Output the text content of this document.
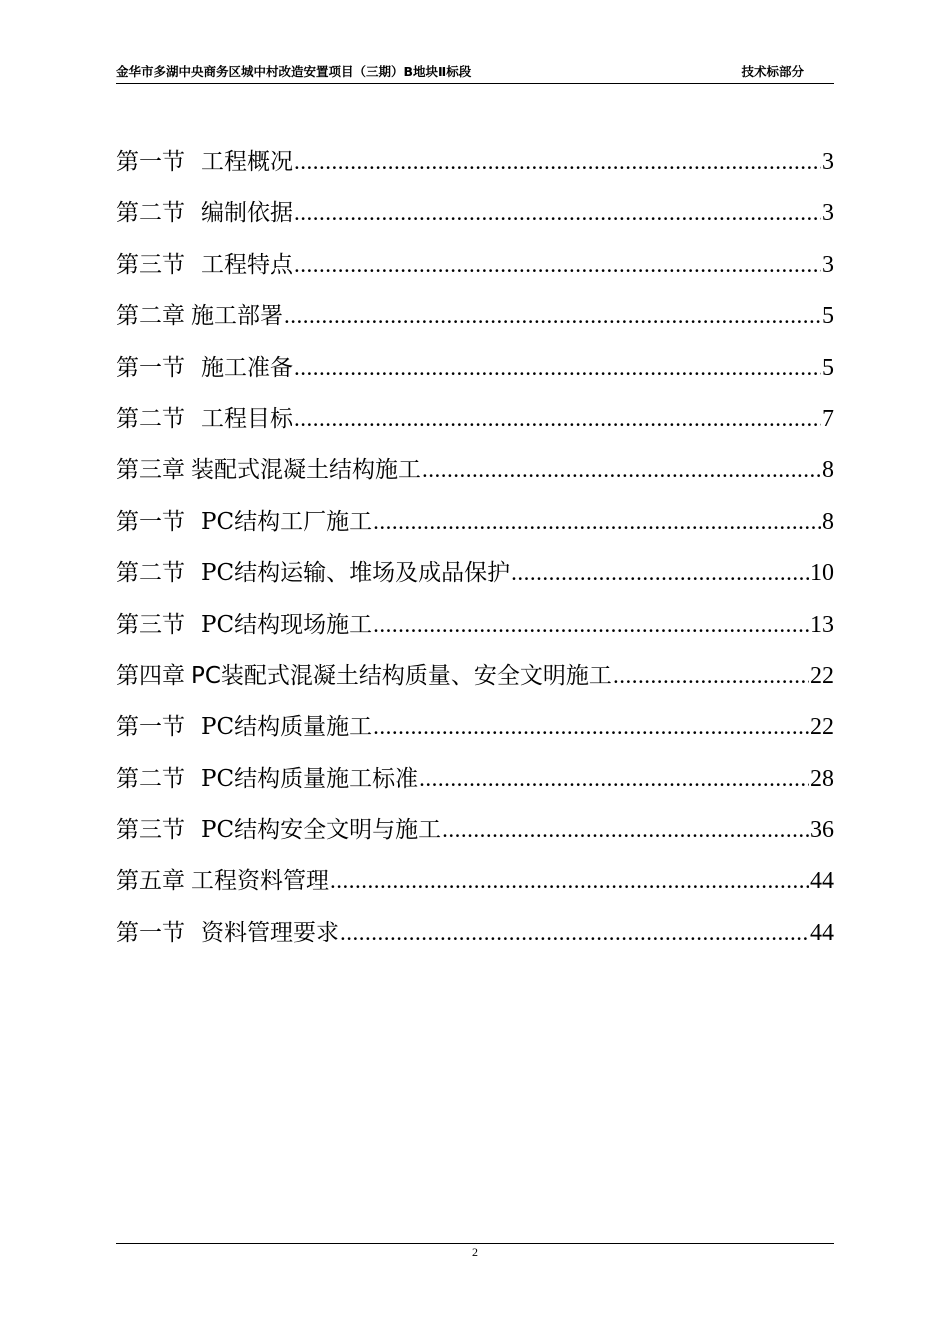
金华市多湖中央商务区城中村改造安置项目（三期）B地块Ⅱ标段	技术标部分
第一节 工程概况 .....	3
第二节 编制依据 .....	3
第三节 工程特点 .....	3
第二章 施工部署 .....	5
第一节 施工准备 .....	5
第二节 工程目标 .....	7
第三章 装配式混凝土结构施工 .....	8
第一节 PC结构工厂施工 .....	8
第二节 PC结构运输、堆场及成品保护 .....	10
第三节 PC结构现场施工 .....	13
第四章 PC装配式混凝土结构质量、安全文明施工 .....	22
第一节 PC结构质量施工 .....	22
第二节 PC结构质量施工标准 .....	28
第三节 PC结构安全文明与施工 .....	36
第五章 工程资料管理 .....	44
第一节 资料管理要求 .....	44
2
